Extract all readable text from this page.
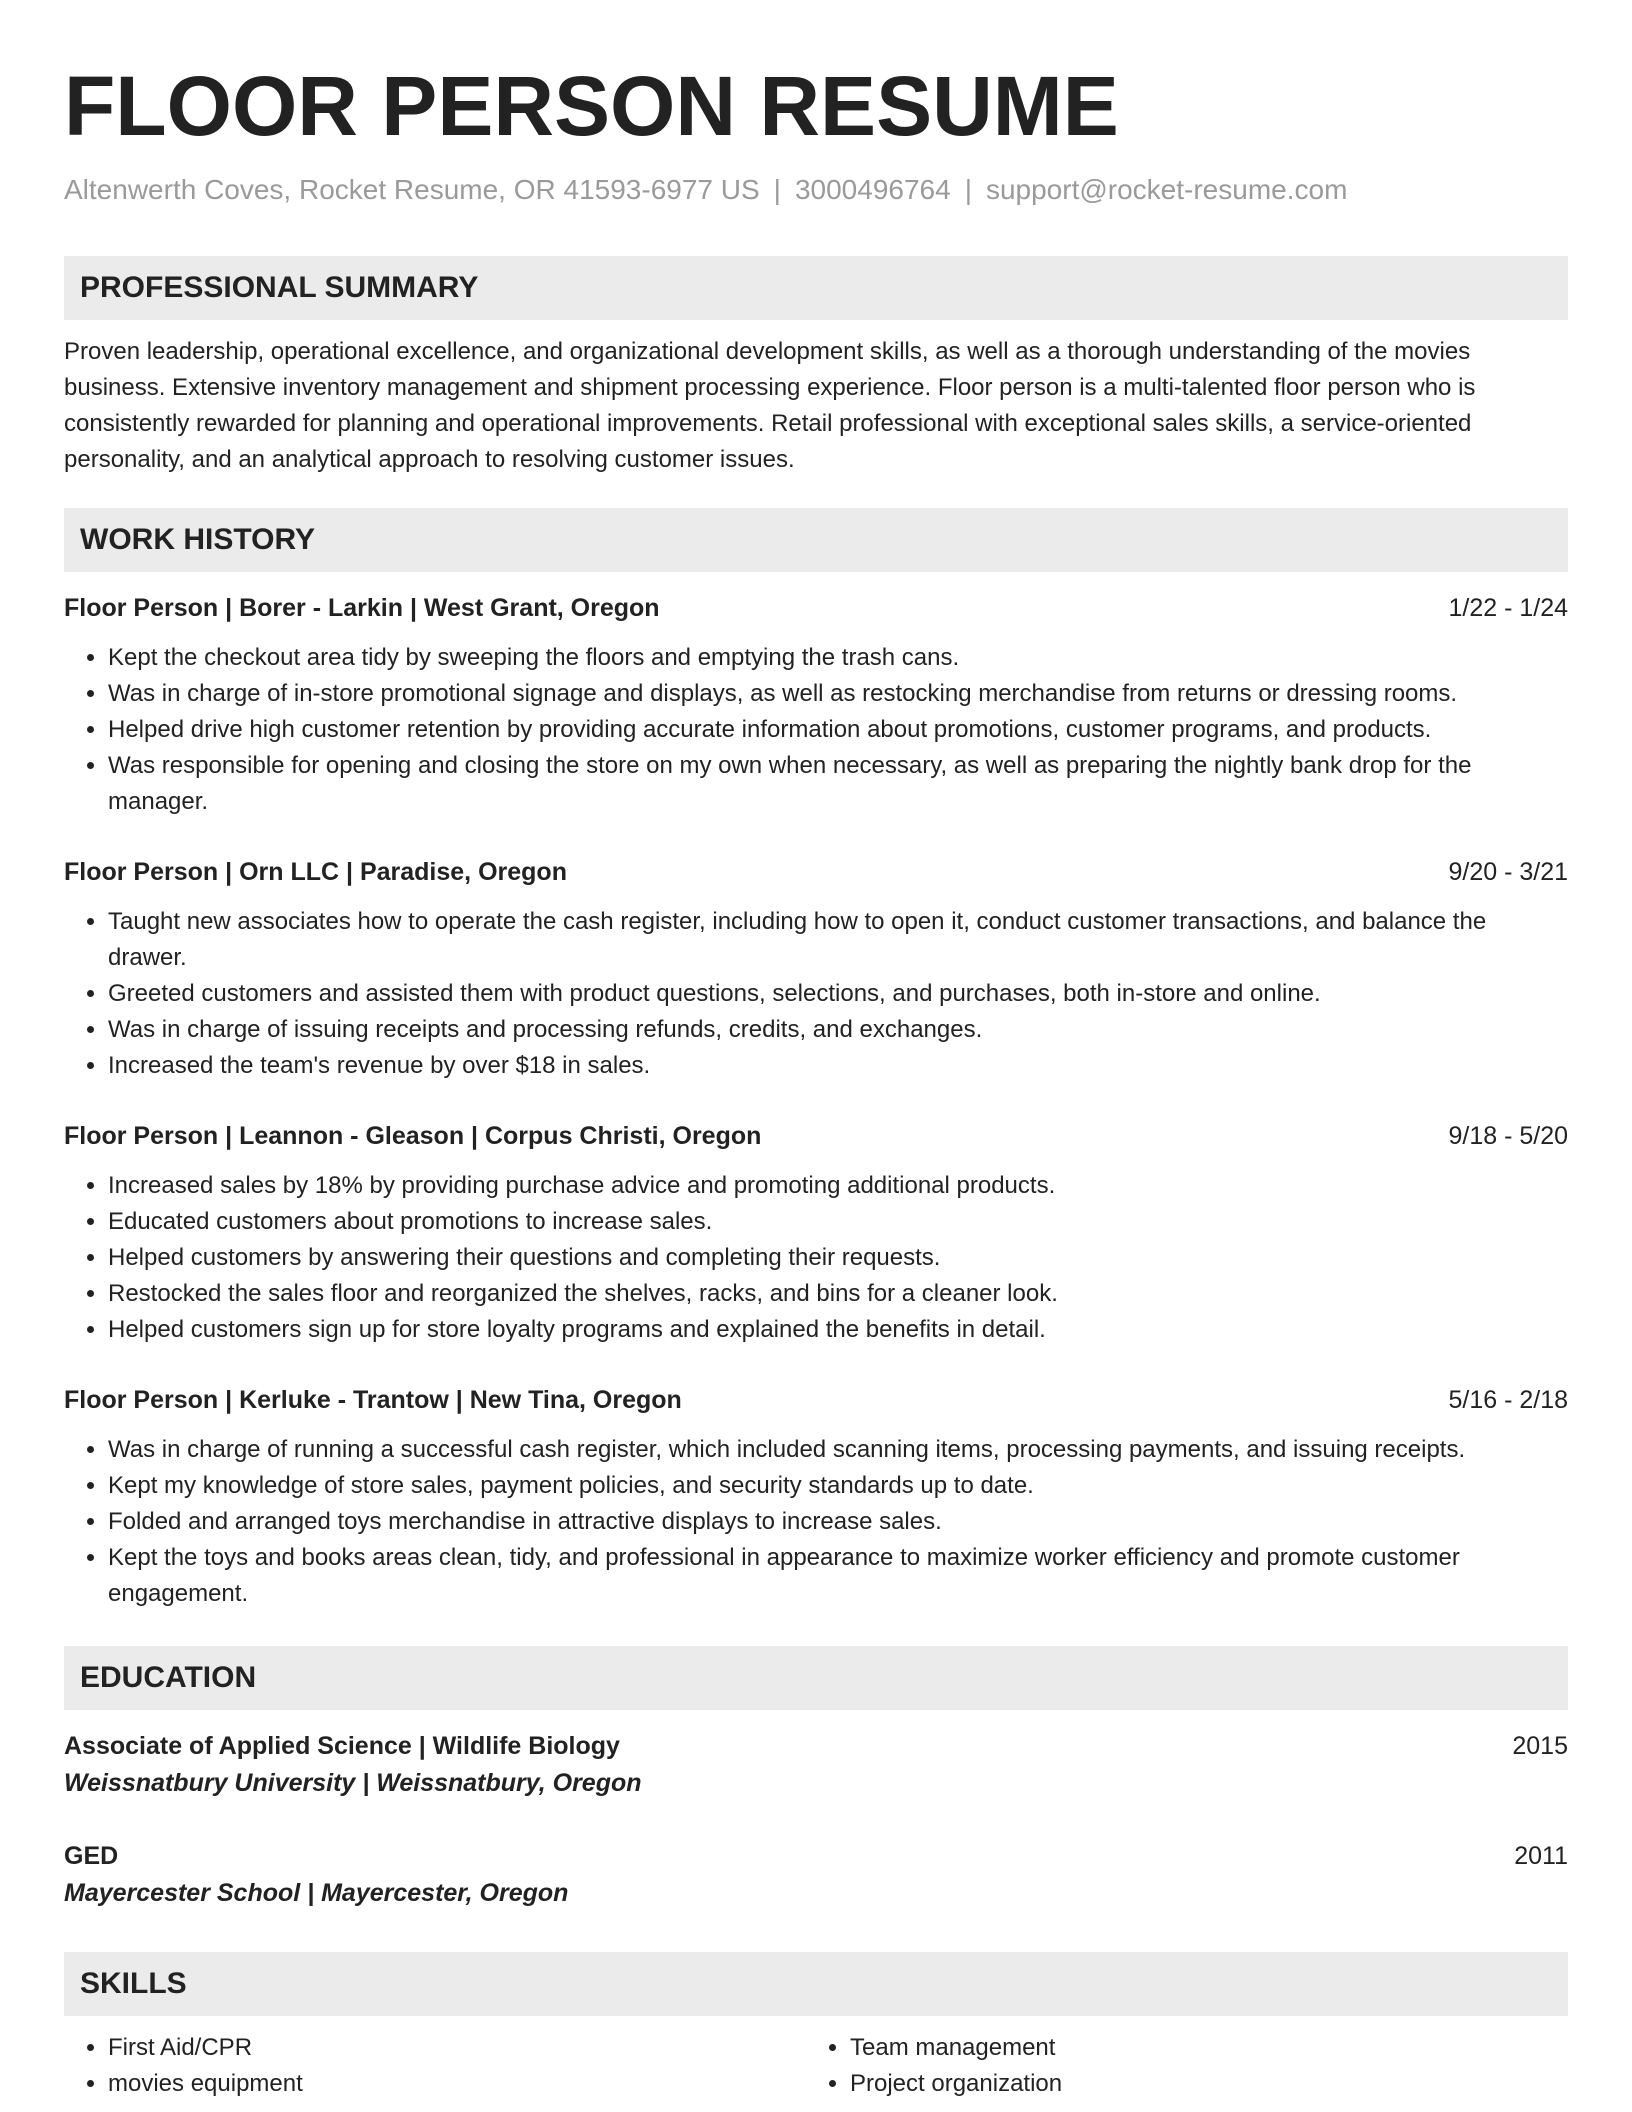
FLOOR PERSON RESUME
Altenwerth Coves, Rocket Resume, OR 41593-6977 US | 3000496764 | support@rocket-resume.com
PROFESSIONAL SUMMARY

Proven leadership, operational excellence, and organizational development skills, as well as a thorough understanding of the movies business. Extensive inventory management and shipment processing experience. Floor person is a multi-talented floor person who is consistently rewarded for planning and operational improvements. Retail professional with exceptional sales skills, a service-oriented personality, and an analytical approach to resolving customer issues.

WORK HISTORY
Floor Person | Borer - Larkin | West Grant, Oregon	1/22 - 1/24
• Kept the checkout area tidy by sweeping the floors and emptying the trash cans.
• Was in charge of in-store promotional signage and displays, as well as restocking merchandise from returns or dressing rooms.
• Helped drive high customer retention by providing accurate information about promotions, customer programs, and products.
• Was responsible for opening and closing the store on my own when necessary, as well as preparing the nightly bank drop for the manager.
Floor Person | Orn LLC | Paradise, Oregon	9/20 - 3/21
• Taught new associates how to operate the cash register, including how to open it, conduct customer transactions, and balance the drawer.
• Greeted customers and assisted them with product questions, selections, and purchases, both in-store and online.
• Was in charge of issuing receipts and processing refunds, credits, and exchanges.
• Increased the team's revenue by over $18 in sales.
Floor Person | Leannon - Gleason | Corpus Christi, Oregon	9/18 - 5/20
• Increased sales by 18% by providing purchase advice and promoting additional products.
• Educated customers about promotions to increase sales.
• Helped customers by answering their questions and completing their requests.
• Restocked the sales floor and reorganized the shelves, racks, and bins for a cleaner look.
• Helped customers sign up for store loyalty programs and explained the benefits in detail.
Floor Person | Kerluke - Trantow | New Tina, Oregon	5/16 - 2/18
• Was in charge of running a successful cash register, which included scanning items, processing payments, and issuing receipts.
• Kept my knowledge of store sales, payment policies, and security standards up to date.
• Folded and arranged toys merchandise in attractive displays to increase sales.
• Kept the toys and books areas clean, tidy, and professional in appearance to maximize worker efficiency and promote customer engagement.
EDUCATION
Associate of Applied Science | Wildlife Biology	2015
Weissnatbury University | Weissnatbury, Oregon
GED	2011
Mayercester School | Mayercester, Oregon
SKILLS
• First Aid/CPR
• movies equipment
• Team management
• Project organization
